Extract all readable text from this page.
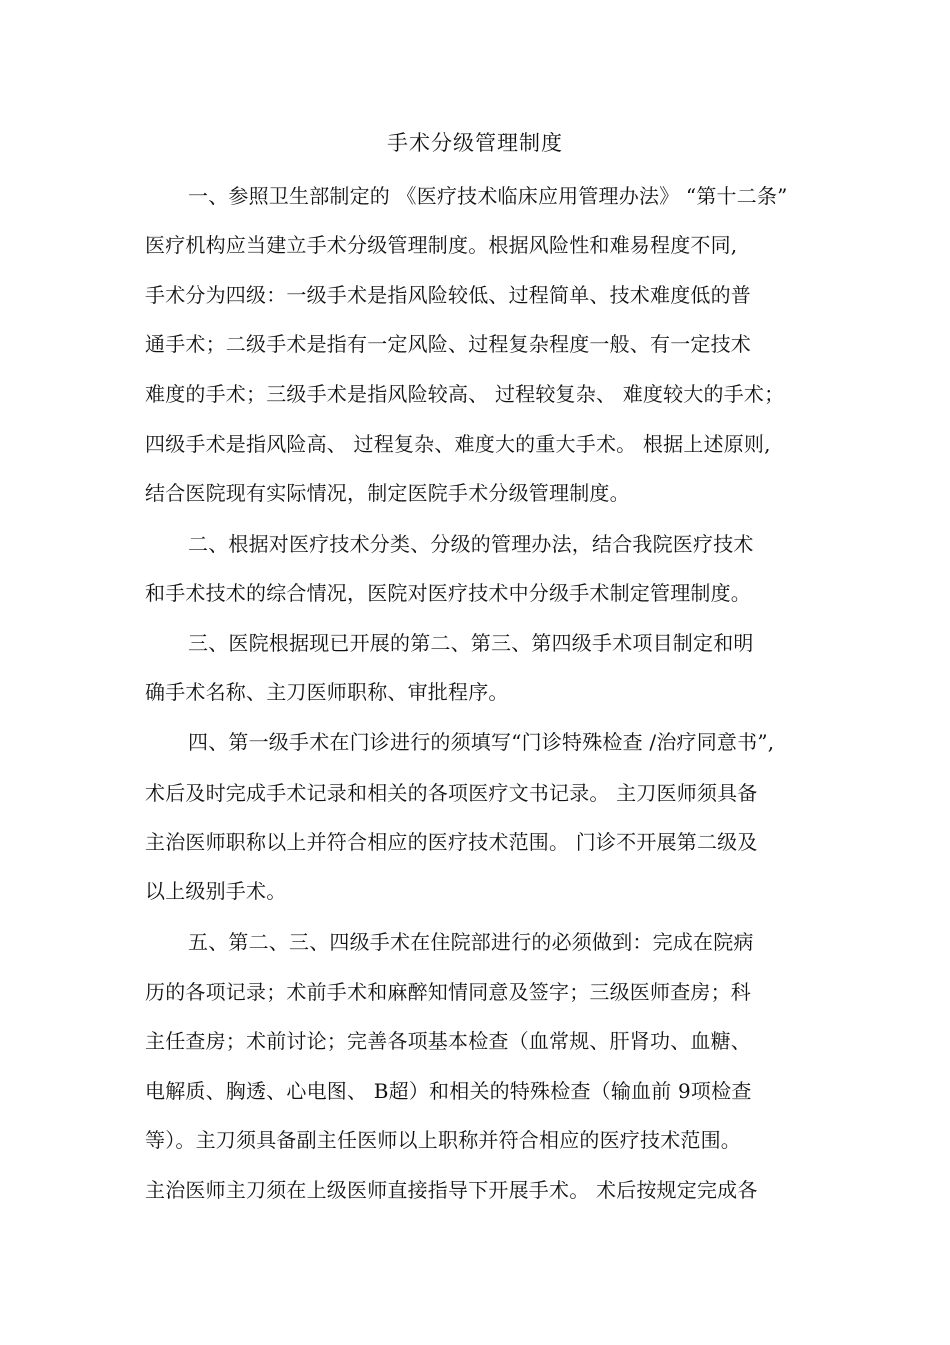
手术分级管理制度
一、参照卫生部制定的 《医疗技术临床应用管理办法》 “第十二条”
医疗机构应当建立手术分级管理制度。根据风险性和难易程度不同,
手术分为四级：一级手术是指风险较低、过程简单、技术难度低的普
通手术；二级手术是指有一定风险、过程复杂程度一般、有一定技术
难度的手术；三级手术是指风险较高、 过程较复杂、 难度较大的手术；
四级手术是指风险高、 过程复杂、难度大的重大手术。 根据上述原则,
结合医院现有实际情况，制定医院手术分级管理制度。
二、根据对医疗技术分类、分级的管理办法，结合我院医疗技术
和手术技术的综合情况，医院对医疗技术中分级手术制定管理制度。
三、医院根据现已开展的第二、第三、第四级手术项目制定和明
确手术名称、主刀医师职称、审批程序。
四、第一级手术在门诊进行的须填写“门诊特殊检查 /治疗同意书”,
术后及时完成手术记录和相关的各项医疗文书记录。 主刀医师须具备
主治医师职称以上并符合相应的医疗技术范围。 门诊不开展第二级及
以上级别手术。
五、第二、三、四级手术在住院部进行的必须做到：完成在院病
历的各项记录；术前手术和麻醉知情同意及签字；三级医师查房；科
主任查房；术前讨论；完善各项基本检查（血常规、肝肾功、血糖、
电解质、胸透、心电图、 B超）和相关的特殊检查（输血前 9项检查
等）。主刀须具备副主任医师以上职称并符合相应的医疗技术范围。
主治医师主刀须在上级医师直接指导下开展手术。 术后按规定完成各
